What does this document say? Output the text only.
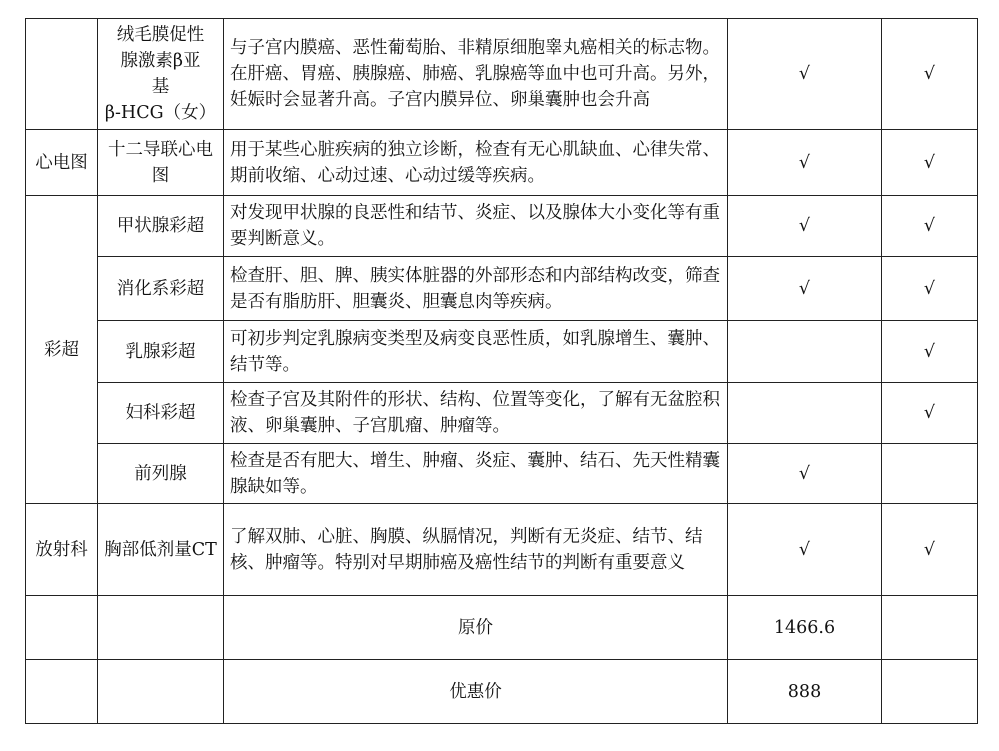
	绒毛膜促性
腺激素β亚
基
β-HCG（女）	与子宫内膜癌、恶性葡萄胎、非精原细胞睾丸癌相关的标志物。在肝癌、胃癌、胰腺癌、肺癌、乳腺癌等血中也可升高。另外，妊娠时会显著升高。子宫内膜异位、卵巢囊肿也会升高	√	√
心电图	十二导联心电图	用于某些心脏疾病的独立诊断，检查有无心肌缺血、心律失常、期前收缩、心动过速、心动过缓等疾病。	√	√
彩超	甲状腺彩超	对发现甲状腺的良恶性和结节、炎症、以及腺体大小变化等有重要判断意义。	√	√
	消化系彩超	检查肝、胆、脾、胰实体脏器的外部形态和内部结构改变，筛查是否有脂肪肝、胆囊炎、胆囊息肉等疾病。	√	√
	乳腺彩超	可初步判定乳腺病变类型及病变良恶性质，如乳腺增生、囊肿、结节等。		√
	妇科彩超	检查子宫及其附件的形状、结构、位置等变化，了解有无盆腔积液、卵巢囊肿、子宫肌瘤、肿瘤等。		√
	前列腺	检查是否有肥大、增生、肿瘤、炎症、囊肿、结石、先天性精囊腺缺如等。	√	
放射科	胸部低剂量CT	了解双肺、心脏、胸膜、纵膈情况，判断有无炎症、结节、结核、肿瘤等。特别对早期肺癌及癌性结节的判断有重要意义	√	√
		原价	1466.6	
		优惠价	888	
